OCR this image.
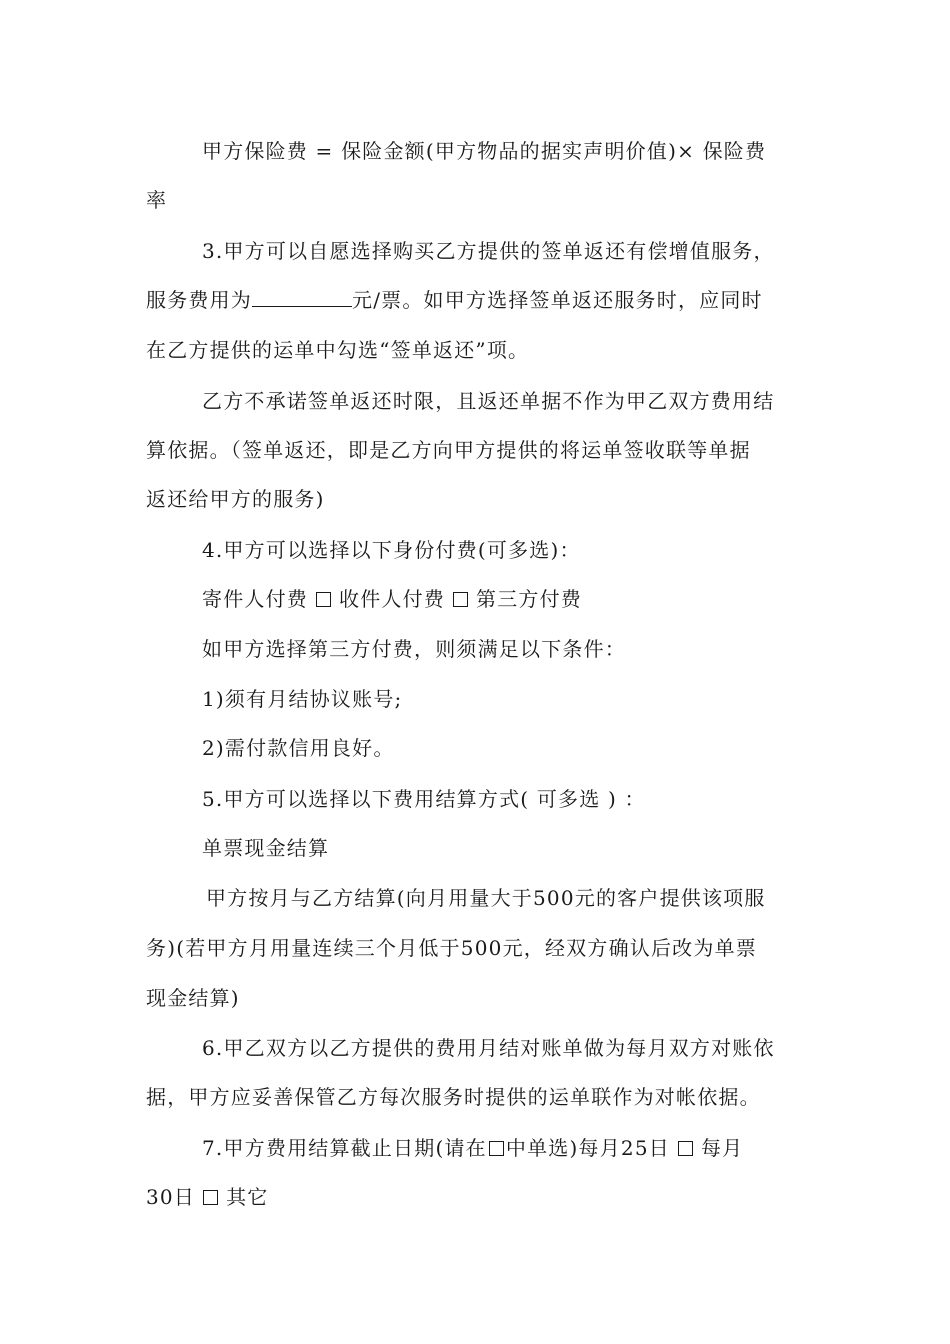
甲方保险费 = 保险金额(甲方物品的据实声明价值)× 保险费
率
3.甲方可以自愿选择购买乙方提供的签单返还有偿增值服务，
服务费用为	元/票。如甲方选择签单返还服务时，应同时
在乙方提供的运单中勾选“签单返还”项。
乙方不承诺签单返还时限，且返还单据不作为甲乙双方费用结
算依据。（签单返还，即是乙方向甲方提供的将运单签收联等单据
返还给甲方的服务)
4.甲方可以选择以下身份付费(可多选)：
寄件人付费 收件人付费 第三方付费
如甲方选择第三方付费，则须满足以下条件：
1)须有月结协议账号;
2)需付款信用良好。
5.甲方可以选择以下费用结算方式( 可多选 ) ：
单票现金结算
甲方按月与乙方结算(向月用量大于500元的客户提供该项服
务)(若甲方月用量连续三个月低于500元，经双方确认后改为单票
现金结算)
6.甲乙双方以乙方提供的费用月结对账单做为每月双方对账依
据，甲方应妥善保管乙方每次服务时提供的运单联作为对帐依据。
7.甲方费用结算截止日期(请在 中单选)每月25日 每月
30日 其它
